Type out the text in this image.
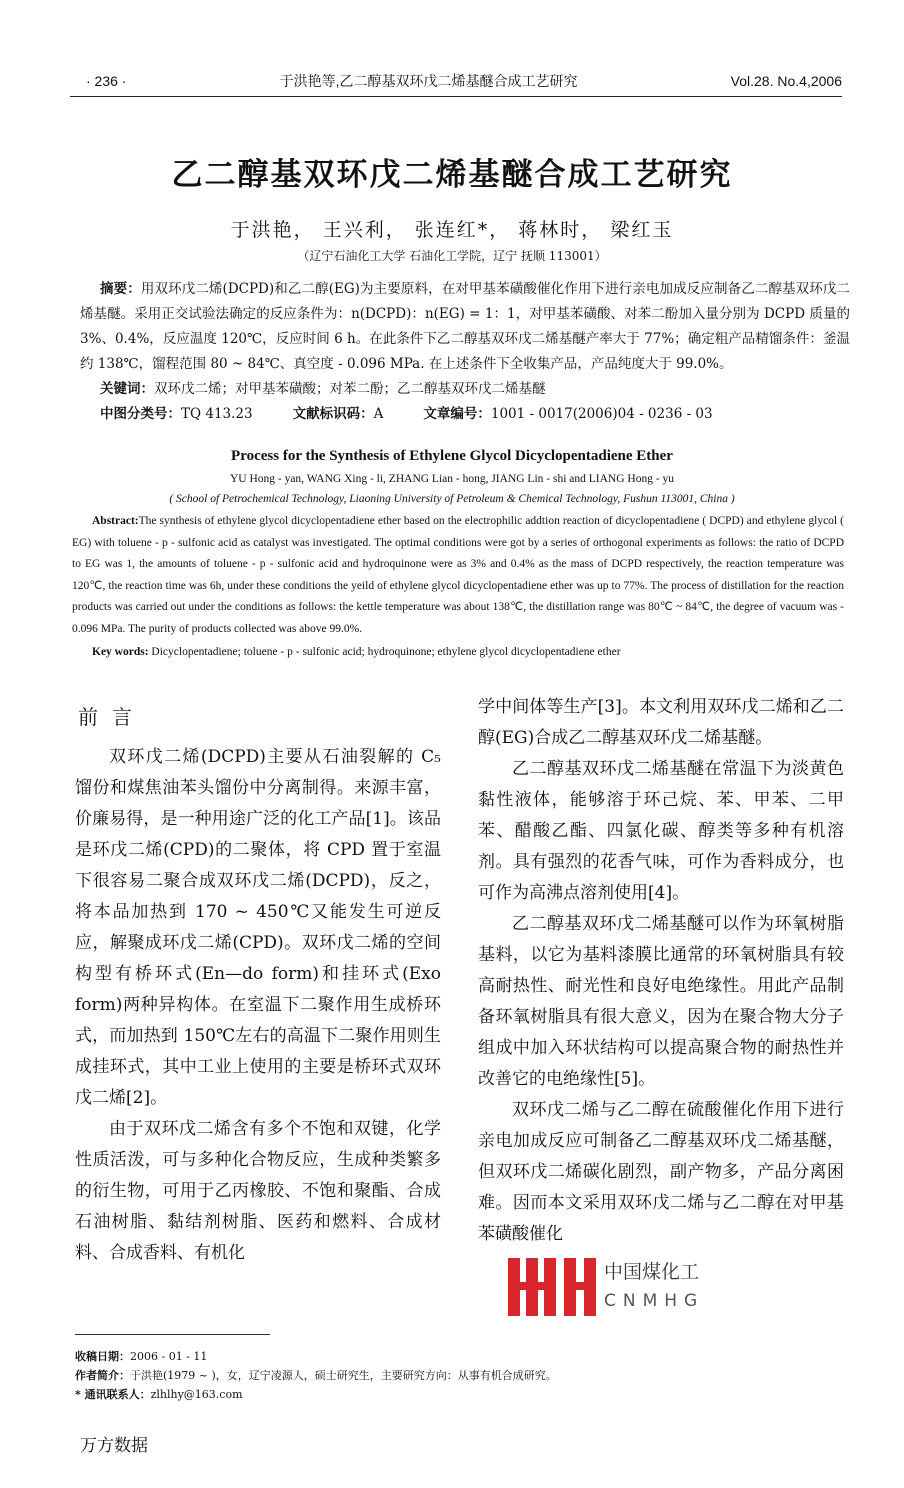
· 236 ·	于洪艳等,乙二醇基双环戊二烯基醚合成工艺研究	Vol.28. No.4,2006
乙二醇基双环戊二烯基醚合成工艺研究
于洪艳， 王兴利， 张连红*， 蒋林时， 梁红玉
（辽宁石油化工大学 石油化工学院，辽宁 抚顺 113001）
摘要：用双环戊二烯(DCPD)和乙二醇(EG)为主要原料，在对甲基苯磺酸催化作用下进行亲电加成反应制备乙二醇基双环戊二烯基醚。采用正交试验法确定的反应条件为：n(DCPD)：n(EG) = 1：1，对甲基苯磺酸、对苯二酚加入量分别为 DCPD 质量的 3%、0.4%，反应温度 120℃，反应时间 6 h。在此条件下乙二醇基双环戊二烯基醚产率大于 77%；确定粗产品精馏条件：釜温约 138℃，馏程范围 80 ~ 84℃、真空度 - 0.096 MPa. 在上述条件下全收集产品，产品纯度大于 99.0%。
关键词：双环戊二烯；对甲基苯磺酸；对苯二酚；乙二醇基双环戊二烯基醚
中图分类号：TQ 413.23	文献标识码：A	文章编号：1001 - 0017(2006)04 - 0236 - 03
Process for the Synthesis of Ethylene Glycol Dicyclopentadiene Ether
YU Hong - yan, WANG Xing - li, ZHANG Lian - hong, JIANG Lin - shi and LIANG Hong - yu
( School of Petrochemical Technology, Liaoning University of Petroleum & Chemical Technology, Fushun 113001, China )
Abstract:The synthesis of ethylene glycol dicyclopentadiene ether based on the electrophilic addtion reaction of dicyclopentadiene ( DCPD) and ethylene glycol ( EG) with toluene - p - sulfonic acid as catalyst was investigated. The optimal conditions were got by a series of orthogonal experiments as follows: the ratio of DCPD to EG was 1, the amounts of toluene - p - sulfonic acid and hydroquinone were as 3% and 0.4% as the mass of DCPD respectively, the reaction temperature was 120℃, the reaction time was 6h, under these conditions the yeild of ethylene glycol dicyclopentadiene ether was up to 77%. The process of distillation for the reaction products was carried out under the conditions as follows: the kettle temperature was about 138℃, the distillation range was 80℃ ~ 84℃, the degree of vacuum was - 0.096 MPa. The purity of products collected was above 99.0%.
Key words: Dicyclopentadiene; toluene - p - sulfonic acid; hydroquinone; ethylene glycol dicyclopentadiene ether
前言

双环戊二烯(DCPD)主要从石油裂解的 C₅ 馏份和煤焦油苯头馏份中分离制得。来源丰富，价廉易得，是一种用途广泛的化工产品[1]。该品是环戊二烯(CPD)的二聚体，将 CPD 置于室温下很容易二聚合成双环戊二烯(DCPD)，反之，将本品加热到 170 ~ 450℃又能发生可逆反应，解聚成环戊二烯(CPD)。双环戊二烯的空间构型有桥环式(En—do form)和挂环式(Exo form)两种异构体。在室温下二聚作用生成桥环式，而加热到 150℃左右的高温下二聚作用则生成挂环式，其中工业上使用的主要是桥环式双环戊二烯[2]。

由于双环戊二烯含有多个不饱和双键，化学性质活泼，可与多种化合物反应，生成种类繁多的衍生物，可用于乙丙橡胶、不饱和聚酯、合成石油树脂、黏结剂树脂、医药和燃料、合成材料、合成香料、有机化

学中间体等生产[3]。本文利用双环戊二烯和乙二醇(EG)合成乙二醇基双环戊二烯基醚。

乙二醇基双环戊二烯基醚在常温下为淡黄色黏性液体，能够溶于环己烷、苯、甲苯、二甲苯、醋酸乙酯、四氯化碳、醇类等多种有机溶剂。具有强烈的花香气味，可作为香料成分，也可作为高沸点溶剂使用[4]。

乙二醇基双环戊二烯基醚可以作为环氧树脂基料，以它为基料漆膜比通常的环氧树脂具有较高耐热性、耐光性和良好电绝缘性。用此产品制备环氧树脂具有很大意义，因为在聚合物大分子组成中加入环状结构可以提高聚合物的耐热性并改善它的电绝缘性[5]。

双环戊二烯与乙二醇在硫酸催化作用下进行亲电加成反应可制备乙二醇基双环戊二烯基醚，但双环戊二烯碳化剧烈，副产物多，产品分离困难。因而本文采用双环戊二烯与乙二醇在对甲基苯磺酸催化

中国煤化工
CNMHG
收稿日期：2006 - 01 - 11
作者简介：于洪艳(1979 ~ )，女，辽宁凌源人，硕士研究生，主要研究方向：从事有机合成研究。
* 通讯联系人：zlhlhy@163.com
万方数据
